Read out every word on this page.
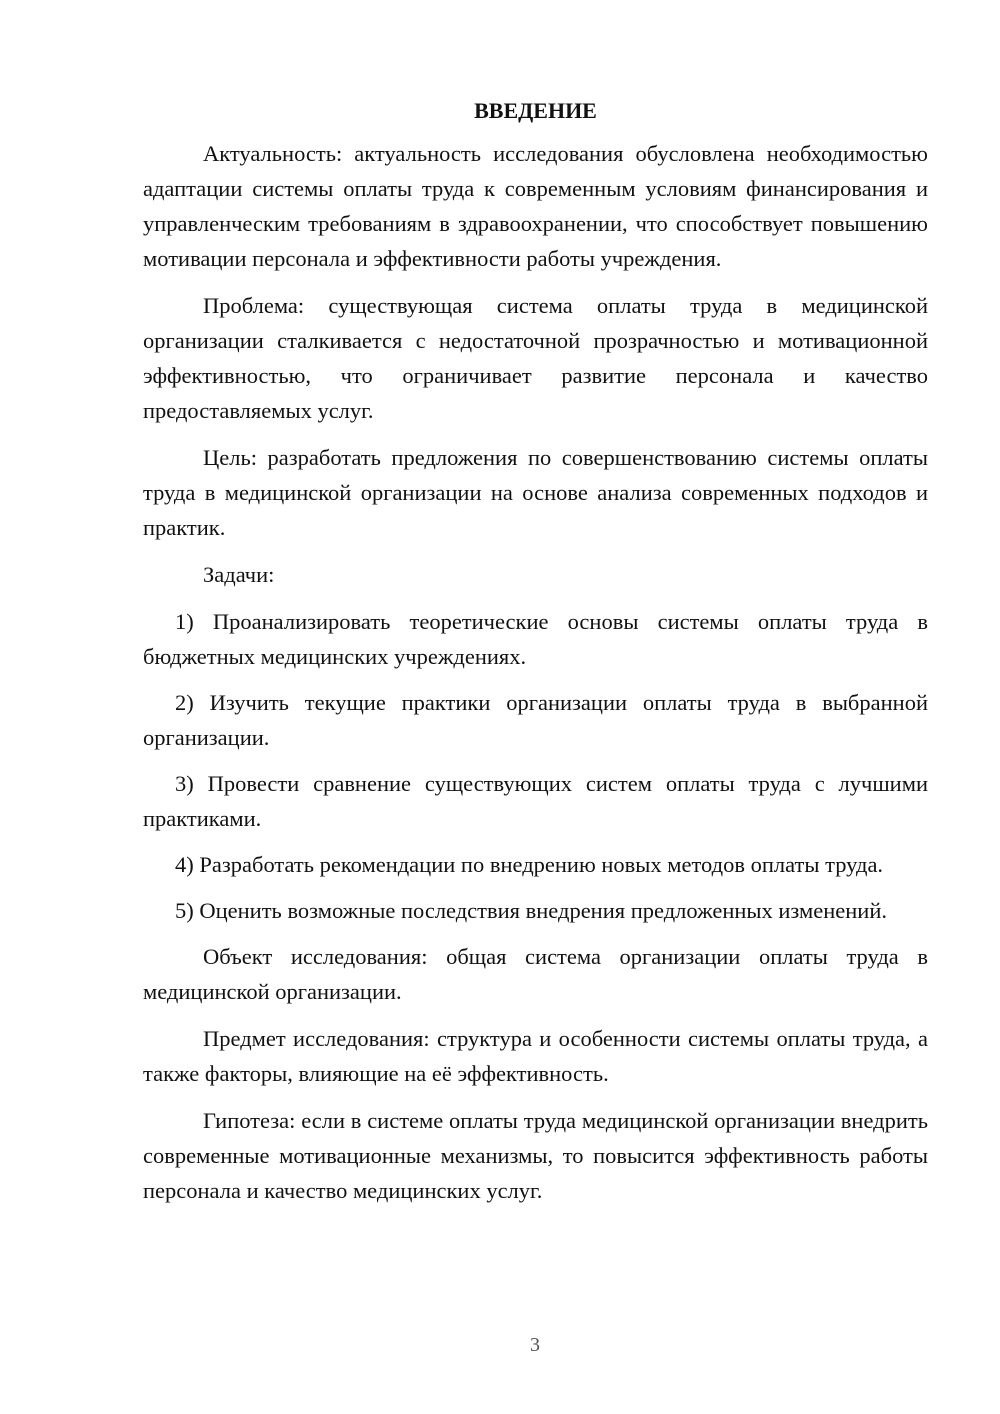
ВВЕДЕНИЕ

Актуальность: актуальность исследования обусловлена необходимостью адаптации системы оплаты труда к современным условиям финансирования и управленческим требованиям в здравоохранении, что способствует повышению мотивации персонала и эффективности работы учреждения.

Проблема: существующая система оплаты труда в медицинской организации сталкивается с недостаточной прозрачностью и мотивационной эффективностью, что ограничивает развитие персонала и качество предоставляемых услуг.

Цель: разработать предложения по совершенствованию системы оплаты труда в медицинской организации на основе анализа современных подходов и практик.

Задачи:

1) Проанализировать теоретические основы системы оплаты труда в бюджетных медицинских учреждениях.

2) Изучить текущие практики организации оплаты труда в выбранной организации.

3) Провести сравнение существующих систем оплаты труда с лучшими практиками.

4) Разработать рекомендации по внедрению новых методов оплаты труда.

5) Оценить возможные последствия внедрения предложенных изменений.

Объект исследования: общая система организации оплаты труда в медицинской организации.

Предмет исследования: структура и особенности системы оплаты труда, а также факторы, влияющие на её эффективность.

Гипотеза: если в системе оплаты труда медицинской организации внедрить современные мотивационные механизмы, то повысится эффективность работы персонала и качество медицинских услуг.

3
